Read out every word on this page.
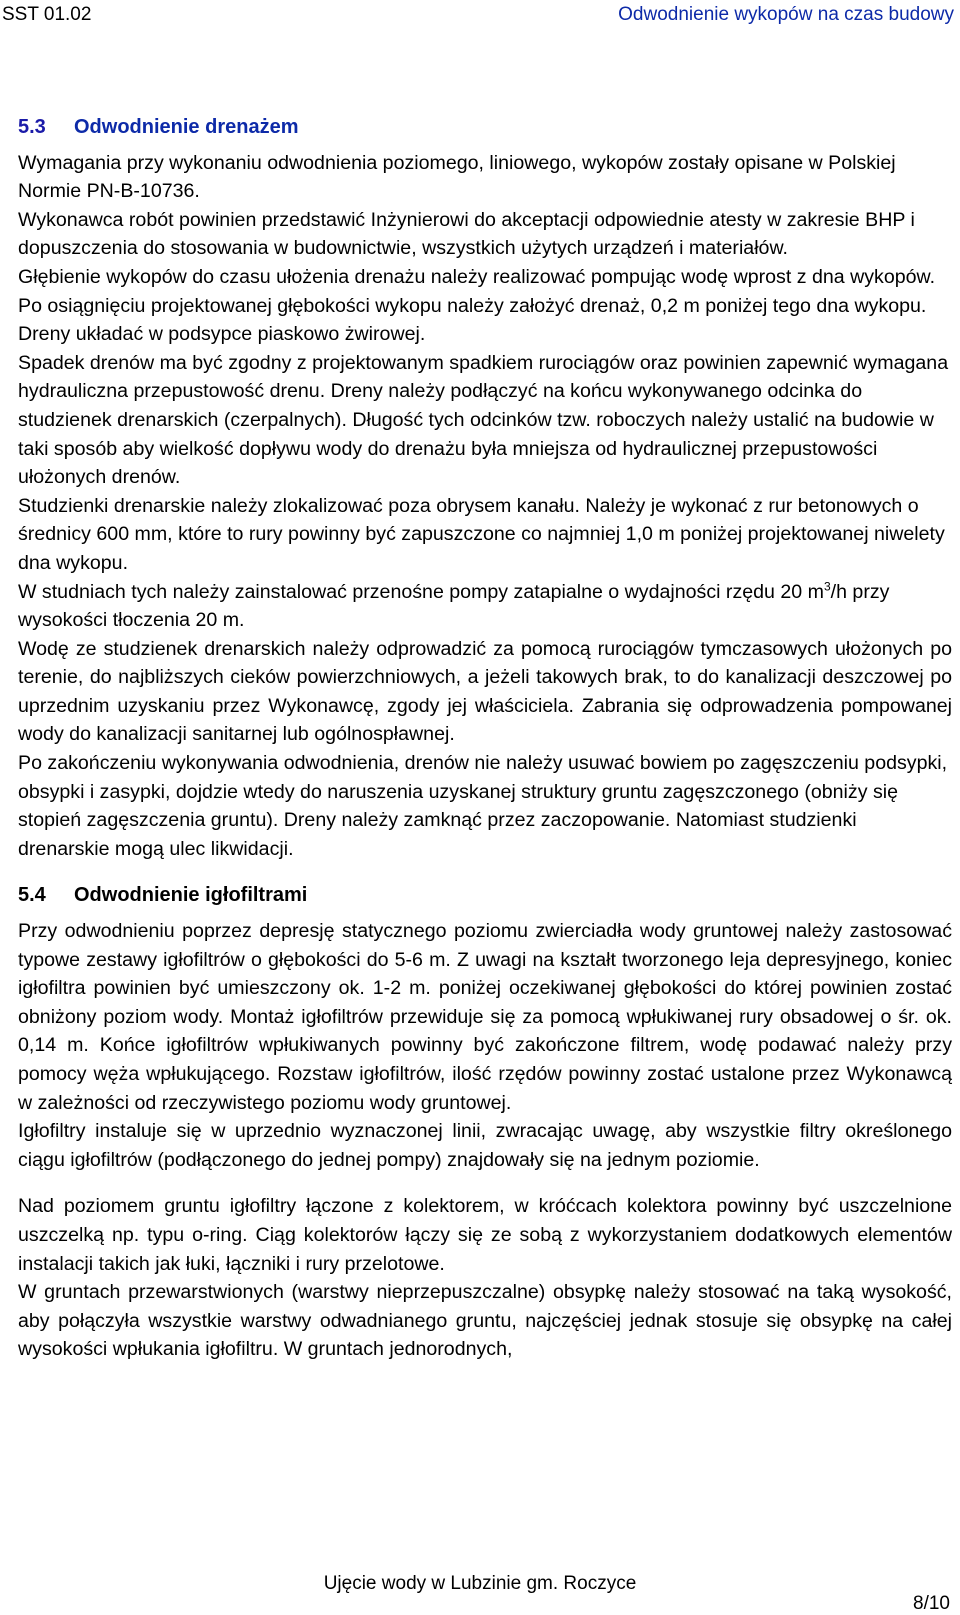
SST 01.02	Odwodnienie wykopów na czas budowy
5.3	Odwodnienie drenażem

Wymagania przy wykonaniu odwodnienia poziomego, liniowego, wykopów zostały opisane w Polskiej Normie PN-B-10736.

Wykonawca robót powinien przedstawić Inżynierowi do akceptacji odpowiednie atesty w zakresie BHP i dopuszczenia do stosowania w budownictwie, wszystkich użytych urządzeń i materiałów.

Głębienie wykopów do czasu ułożenia drenażu należy realizować pompując wodę wprost z dna wykopów. Po osiągnięciu projektowanej głębokości wykopu należy założyć drenaż, 0,2 m poniżej tego dna wykopu. Dreny układać w podsypce piaskowo żwirowej.

Spadek drenów ma być zgodny z projektowanym spadkiem rurociągów oraz powinien zapewnić wymagana hydrauliczna przepustowość drenu. Dreny należy podłączyć na końcu wykonywanego odcinka do studzienek drenarskich (czerpalnych). Długość tych odcinków tzw. roboczych należy ustalić na budowie w taki sposób aby wielkość dopływu wody do drenażu była mniejsza od hydraulicznej przepustowości ułożonych drenów.

Studzienki drenarskie należy zlokalizować poza obrysem kanału. Należy je wykonać z rur betonowych o średnicy 600 mm, które to rury powinny być zapuszczone co najmniej 1,0 m poniżej projektowanej niwelety dna wykopu.

W studniach tych należy zainstalować przenośne pompy zatapialne o wydajności rzędu 20 $m^3/h$ przy wysokości tłoczenia 20 m.

Wodę ze studzienek drenarskich należy odprowadzić za pomocą rurociągów tymczasowych ułożonych po terenie, do najbliższych cieków powierzchniowych, a jeżeli takowych brak, to do kanalizacji deszczowej po uprzednim uzyskaniu przez Wykonawcę, zgody jej właściciela. Zabrania się odprowadzenia pompowanej wody do kanalizacji sanitarnej lub ogólnospławnej.

Po zakończeniu wykonywania odwodnienia, drenów nie należy usuwać bowiem po zagęszczeniu podsypki, obsypki i zasypki, dojdzie wtedy do naruszenia uzyskanej struktury gruntu zagęszczonego (obniży się stopień zagęszczenia gruntu). Dreny należy zamknąć przez zaczopowanie. Natomiast studzienki drenarskie mogą ulec likwidacji.

5.4	Odwodnienie igłofiltrami

Przy odwodnieniu poprzez depresję statycznego poziomu zwierciadła wody gruntowej należy zastosować typowe zestawy igłofiltrów o głębokości do 5-6 m. Z uwagi na kształt tworzonego leja depresyjnego, koniec igłofiltra powinien być umieszczony ok. 1-2 m. poniżej oczekiwanej głębokości do której powinien zostać obniżony poziom wody. Montaż igłofiltrów przewiduje się za pomocą wpłukiwanej rury obsadowej o śr. ok. 0,14 m. Końce igłofiltrów wpłukiwanych powinny być zakończone filtrem, wodę podawać należy przy pomocy węża wpłukującego. Rozstaw igłofiltrów, ilość rzędów powinny zostać ustalone przez Wykonawcą w zależności od rzeczywistego poziomu wody gruntowej.

Igłofiltry instaluje się w uprzednio wyznaczonej linii, zwracając uwagę, aby wszystkie filtry określonego ciągu igłofiltrów (podłączonego do jednej pompy) znajdowały się na jednym poziomie.

Nad poziomem gruntu igłofiltry łączone z kolektorem, w króćcach kolektora powinny być uszczelnione uszczelką np. typu o-ring. Ciąg kolektorów łączy się ze sobą z wykorzystaniem dodatkowych elementów instalacji takich jak łuki, łączniki i rury przelotowe.

W gruntach przewarstwionych (warstwy nieprzepuszczalne) obsypkę należy stosować na taką wysokość, aby połączyła wszystkie warstwy odwadnianego gruntu, najczęściej jednak stosuje się obsypkę na całej wysokości wpłukania igłofiltru. W gruntach jednorodnych,

Ujęcie wody w Lubzinie gm. Roczyce
8/10
